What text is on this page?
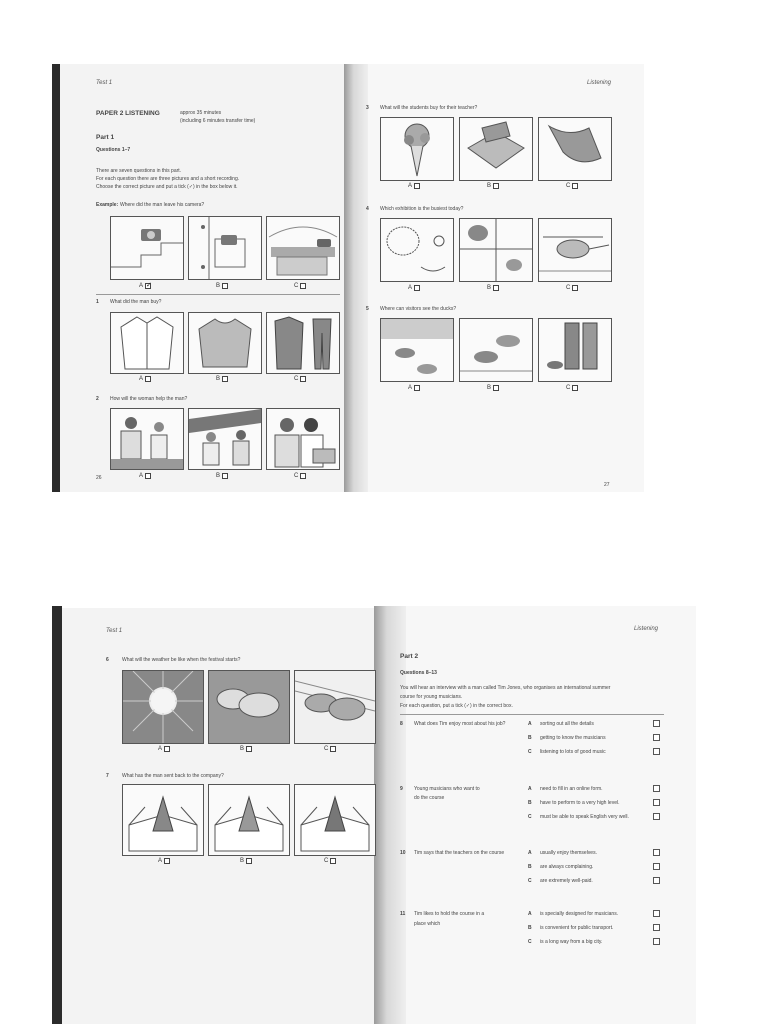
Test 1
PAPER 2 LISTENING	approx 35 minutes
(including 6 minutes transfer time)
Part 1
Questions 1–7
There are seven questions in this part.
For each question there are three pictures and a short recording.
Choose the correct picture and put a tick (✓) in the box below it.
Example: Where did the man leave his camera?
A
✓	B	C
1 What did the man buy?
A	B	C
2 How will the woman help the man?
A	B	C
26
Listening
3 What will the students buy for their teacher?
A	B	C
4 Which exhibition is the busiest today?
A	B	C
5 Where can visitors see the ducks?
A	B	C
27
Test 1
6	What will the weather be like when the festival starts?
A	B	C
7	What has the man sent back to the company?
A	B	C
Listening
Part 2
Questions 8–13
You will hear an interview with a man called Tim Jones, who organises an international summer
course for young musicians.
For each question, put a tick (✓) in the correct box.
8 What does Tim enjoy most about his job?	A sorting out all the details
B getting to know the musicians
C listening to lots of good music
9 Young musicians who want to
do the course
A need to fill in an online form.
B have to perform to a very high level.
C must be able to speak English very well.
10 Tim says that the teachers on the course	A usually enjoy themselves.
B are always complaining.
C are extremely well-paid.
11 Tim likes to hold the course in a
place which
A is specially designed for musicians.
B is convenient for public transport.
C is a long way from a big city.
